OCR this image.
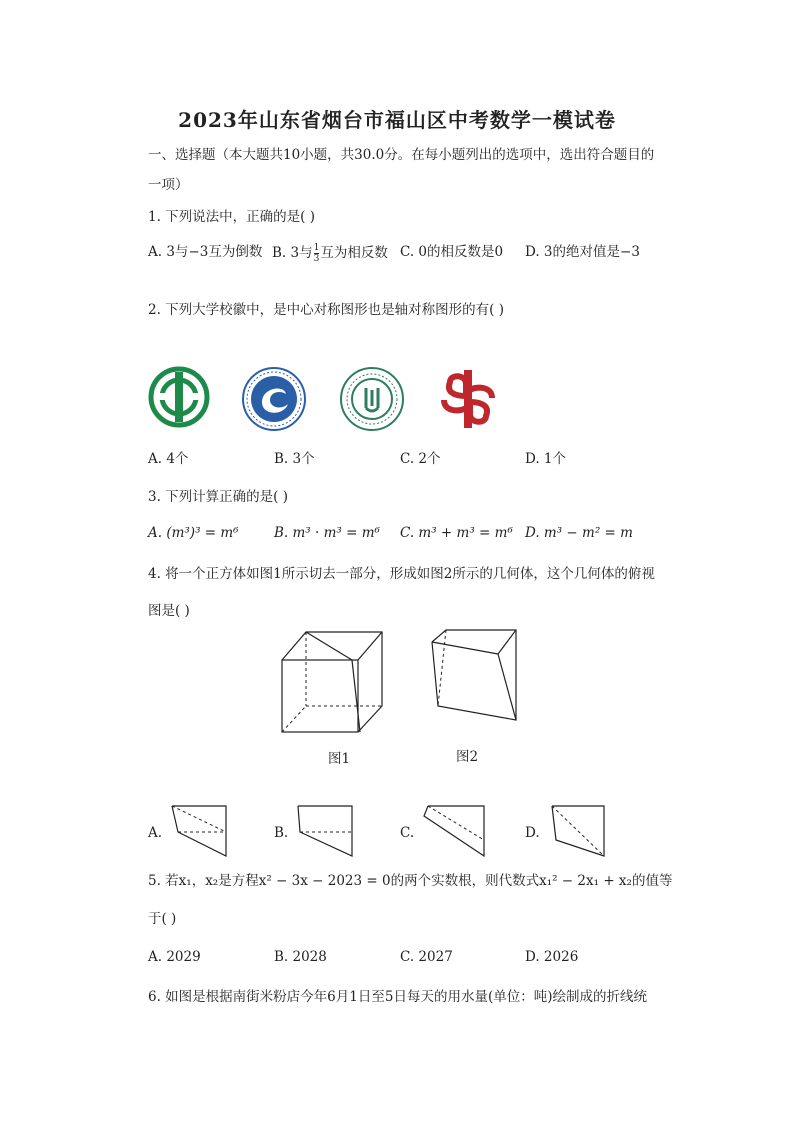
2023年山东省烟台市福山区中考数学一模试卷
一、选择题（本大题共10小题，共30.0分。在每小题列出的选项中，选出符合题目的
一项）
1. 下列说法中，正确的是( )
A. 3与−3互为倒数 B. 3与 $\frac{1}{3}$ 互为相反数 C. 0的相反数是0 D. 3的绝对值是−3
2. 下列大学校徽中，是中心对称图形也是轴对称图形的有( )
A. 4个	B. 3个	C. 2个	D. 1个
3. 下列计算正确的是( )
A. (m³)³ = m⁶	B. m³ · m³ = m⁶ C. m³ + m³ = m⁶ D. m³ − m² = m
4. 将一个正方体如图1所示切去一部分，形成如图2所示的几何体，这个几何体的俯视
图是( )
图1	图2
A.	B.	C.	D.
5. 若x₁，x₂是方程x² − 3x − 2023 = 0的两个实数根，则代数式x₁² − 2x₁ + x₂的值等
于( )
A. 2029	B. 2028	C. 2027	D. 2026
6. 如图是根据南街米粉店今年6月1日至5日每天的用水量(单位：吨)绘制成的折线统
